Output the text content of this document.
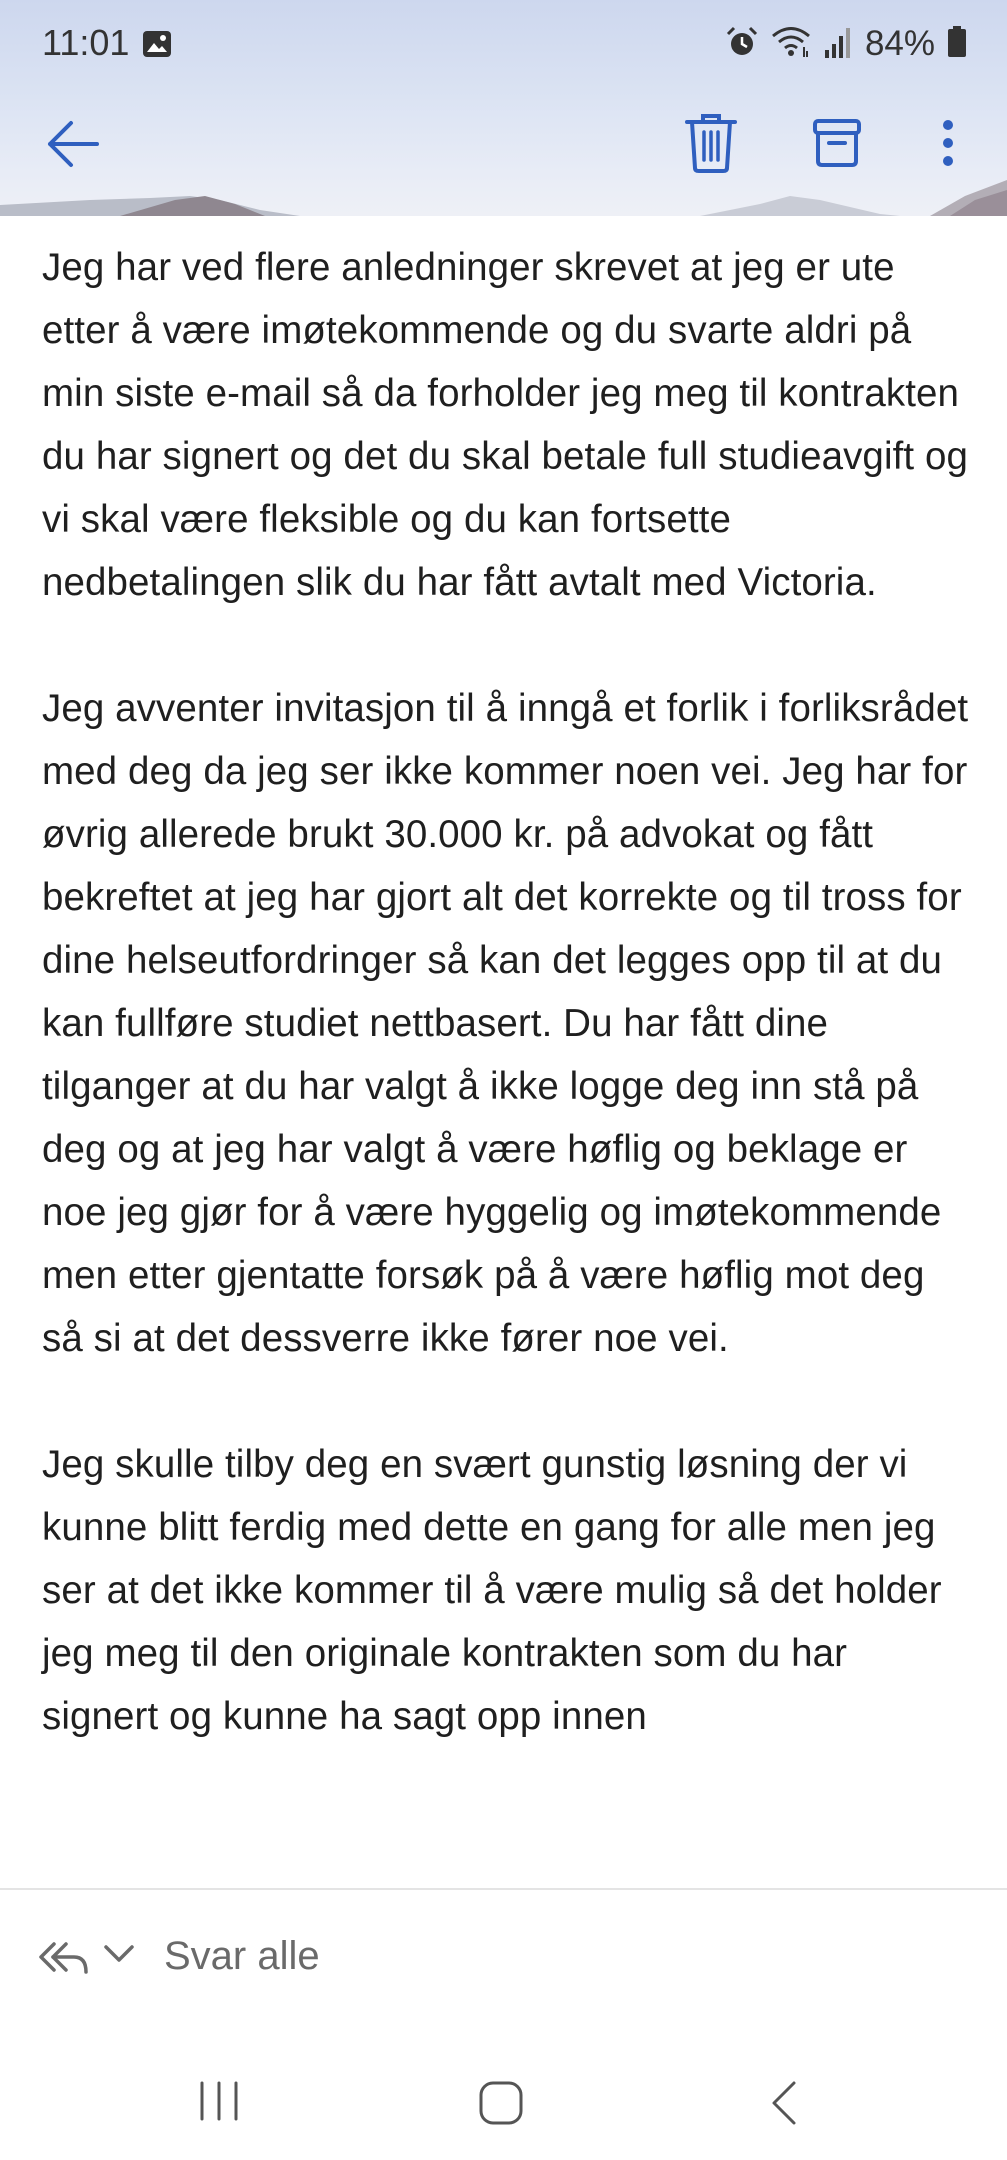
11:01	84%

Jeg har ved flere anledninger skrevet at jeg er ute etter å være imøtekommende og du svarte aldri på min siste e-mail så da forholder jeg meg til kontrakten du har signert og det du skal betale full studieavgift og vi skal være fleksible og du kan fortsette nedbetalingen slik du har fått avtalt med Victoria.

Jeg avventer invitasjon til å inngå et forlik i forliksrådet med deg da jeg ser ikke kommer noen vei. Jeg har for øvrig allerede brukt 30.000 kr. på advokat og fått bekreftet at jeg har gjort alt det korrekte og til tross for dine helseutfordringer så kan det legges opp til at du kan fullføre studiet nettbasert. Du har fått dine tilganger at du har valgt å ikke logge deg inn stå på deg og at jeg har valgt å være høflig og beklage er noe jeg gjør for å være hyggelig og imøtekommende men etter gjentatte forsøk på å være høflig mot deg så si at det dessverre ikke fører noe vei.

Jeg skulle tilby deg en svært gunstig løsning der vi kunne blitt ferdig med dette en gang for alle men jeg ser at det ikke kommer til å være mulig så det holder jeg meg til den originale kontrakten som du har signert og kunne ha sagt opp innen

Svar alle
